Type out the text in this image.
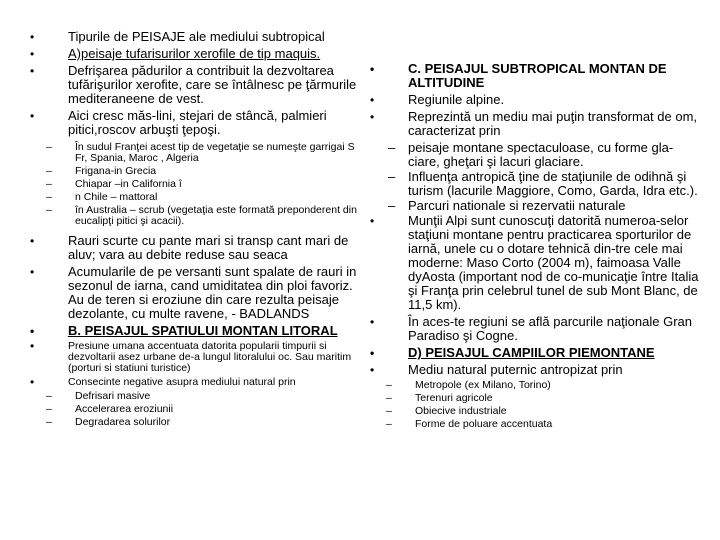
• Tipurile de PEISAJE ale mediului subtropical
• A)peisaje tufarisurilor xerofile de tip maquis.
• Defrişarea pădurilor a contribuit la dezvoltarea tufărişurilor xerofite, care se întâlnesc pe ţărmurile mediteraneene de vest.
• Aici cresc măs-lini, stejari de stâncă, palmieri pitici,roscov arbuşti ţepoşi.
– În sudul Franţei acest tip de vegetaţie se numeşte garrigai S Fr, Spania, Maroc , Algeria
– Frigana-in Grecia
– Chiapar –in California î
– n Chile – mattoral
– în Australia – scrub (vegetaţia este formată preponderent din eucalipţi pitici şi acacii).
• Rauri scurte cu pante mari si transp cant mari de aluv; vara au debite reduse sau seaca
• Acumularile de pe versanti sunt spalate de rauri in sezonul de iarna, cand umiditatea din ploi favoriz. Au de teren si eroziune din care rezulta peisaje dezolante, cu multe ravene, - BADLANDS
• B. PEISAJUL SPATIULUI MONTAN LITORAL
• Presiune umana accentuata datorita popularii timpurii si dezvoltarii asez urbane de-a lungul litoralului oc. Sau maritim (porturi si statiuni turistice)
• Consecinte negative asupra mediului natural prin
– Defrisari masive
– Accelerarea eroziunii
– Degradarea solurilor
• C. PEISAJUL SUBTROPICAL MONTAN DE ALTITUDINE
• Regiunile alpine.
• Reprezintă un mediu mai puţin transformat de om, caracterizat prin
– peisaje montane spectaculoase, cu forme gla-ciare, gheţari şi lacuri glaciare.
– Influenţa antropică ţine de staţiunile de odihnă şi turism (lacurile Maggiore, Como, Garda, Idra etc.).
– Parcuri nationale si rezervatii naturale
• Munţii Alpi sunt cunoscuţi datorită numeroa-selor staţiuni montane pentru practicarea sporturilor de iarnă, unele cu o dotare tehnică din-tre cele mai moderne: Maso Corto (2004 m), faimoasa Valle dyAosta (important nod de co-municaţie între Italia şi Franţa prin celebrul tunel de sub Mont Blanc, de 11,5 km).
• În aces-te regiuni se află parcurile naţionale Gran Paradiso şi Cogne.
• D) PEISAJUL CAMPIILOR PIEMONTANE
• Mediu natural puternic antropizat prin
– Metropole (ex Milano, Torino)
– Terenuri agricole
– Obiecive industriale
– Forme de poluare accentuata
